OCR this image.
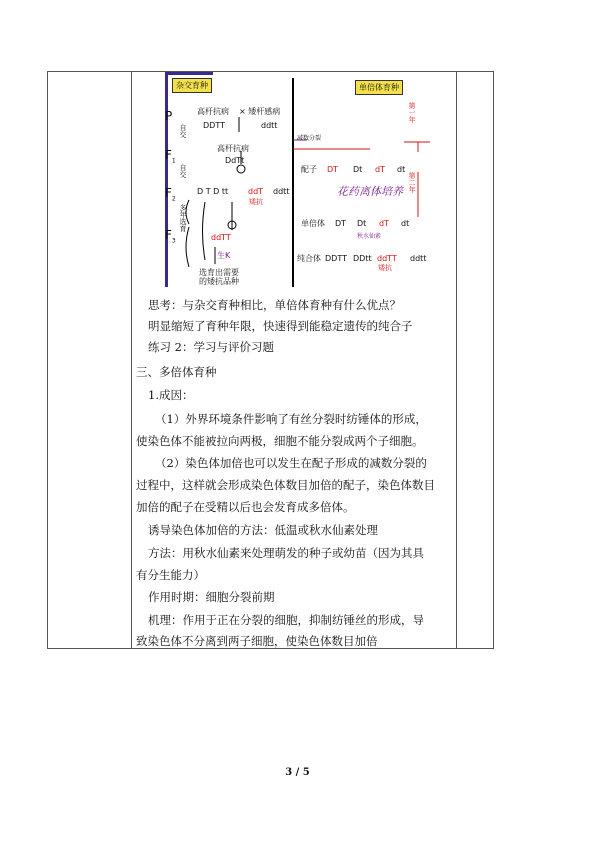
杂交育种	单倍体育种
P
$F_1$
$F_2$
$F_3$
自交
自交
多年选育
高杆抗病 × 矮杆感病
DDTT	ddtt
高杆抗病
DdTt
D T D tt ddT
矮抗
ddtt
ddTT
生K
选育出需要
的矮抗品种
减数分裂
第一年
第二年
配子 DT Dt dT dt
花药离体培养
单倍体 DT Dt dT dt
秋水仙素
纯合体 DDTT DDtt ddTT ddtt
矮抗
思考：与杂交育种相比，单倍体育种有什么优点？
明显缩短了育种年限，快速得到能稳定遗传的纯合子
练习 2：学习与评价习题
三、多倍体育种
1.成因：
（1）外界环境条件影响了有丝分裂时纺锤体的形成，
使染色体不能被拉向两极，细胞不能分裂成两个子细胞。
（2）染色体加倍也可以发生在配子形成的减数分裂的
过程中，这样就会形成染色体数目加倍的配子，染色体数目
加倍的配子在受精以后也会发育成多倍体。
诱导染色体加倍的方法：低温或秋水仙素处理
方法：用秋水仙素来处理萌发的种子或幼苗（因为其具
有分生能力）
作用时期：细胞分裂前期
机理：作用于正在分裂的细胞，抑制纺锤丝的形成，导
致染色体不分离到两子细胞，使染色体数目加倍
3 / 5
